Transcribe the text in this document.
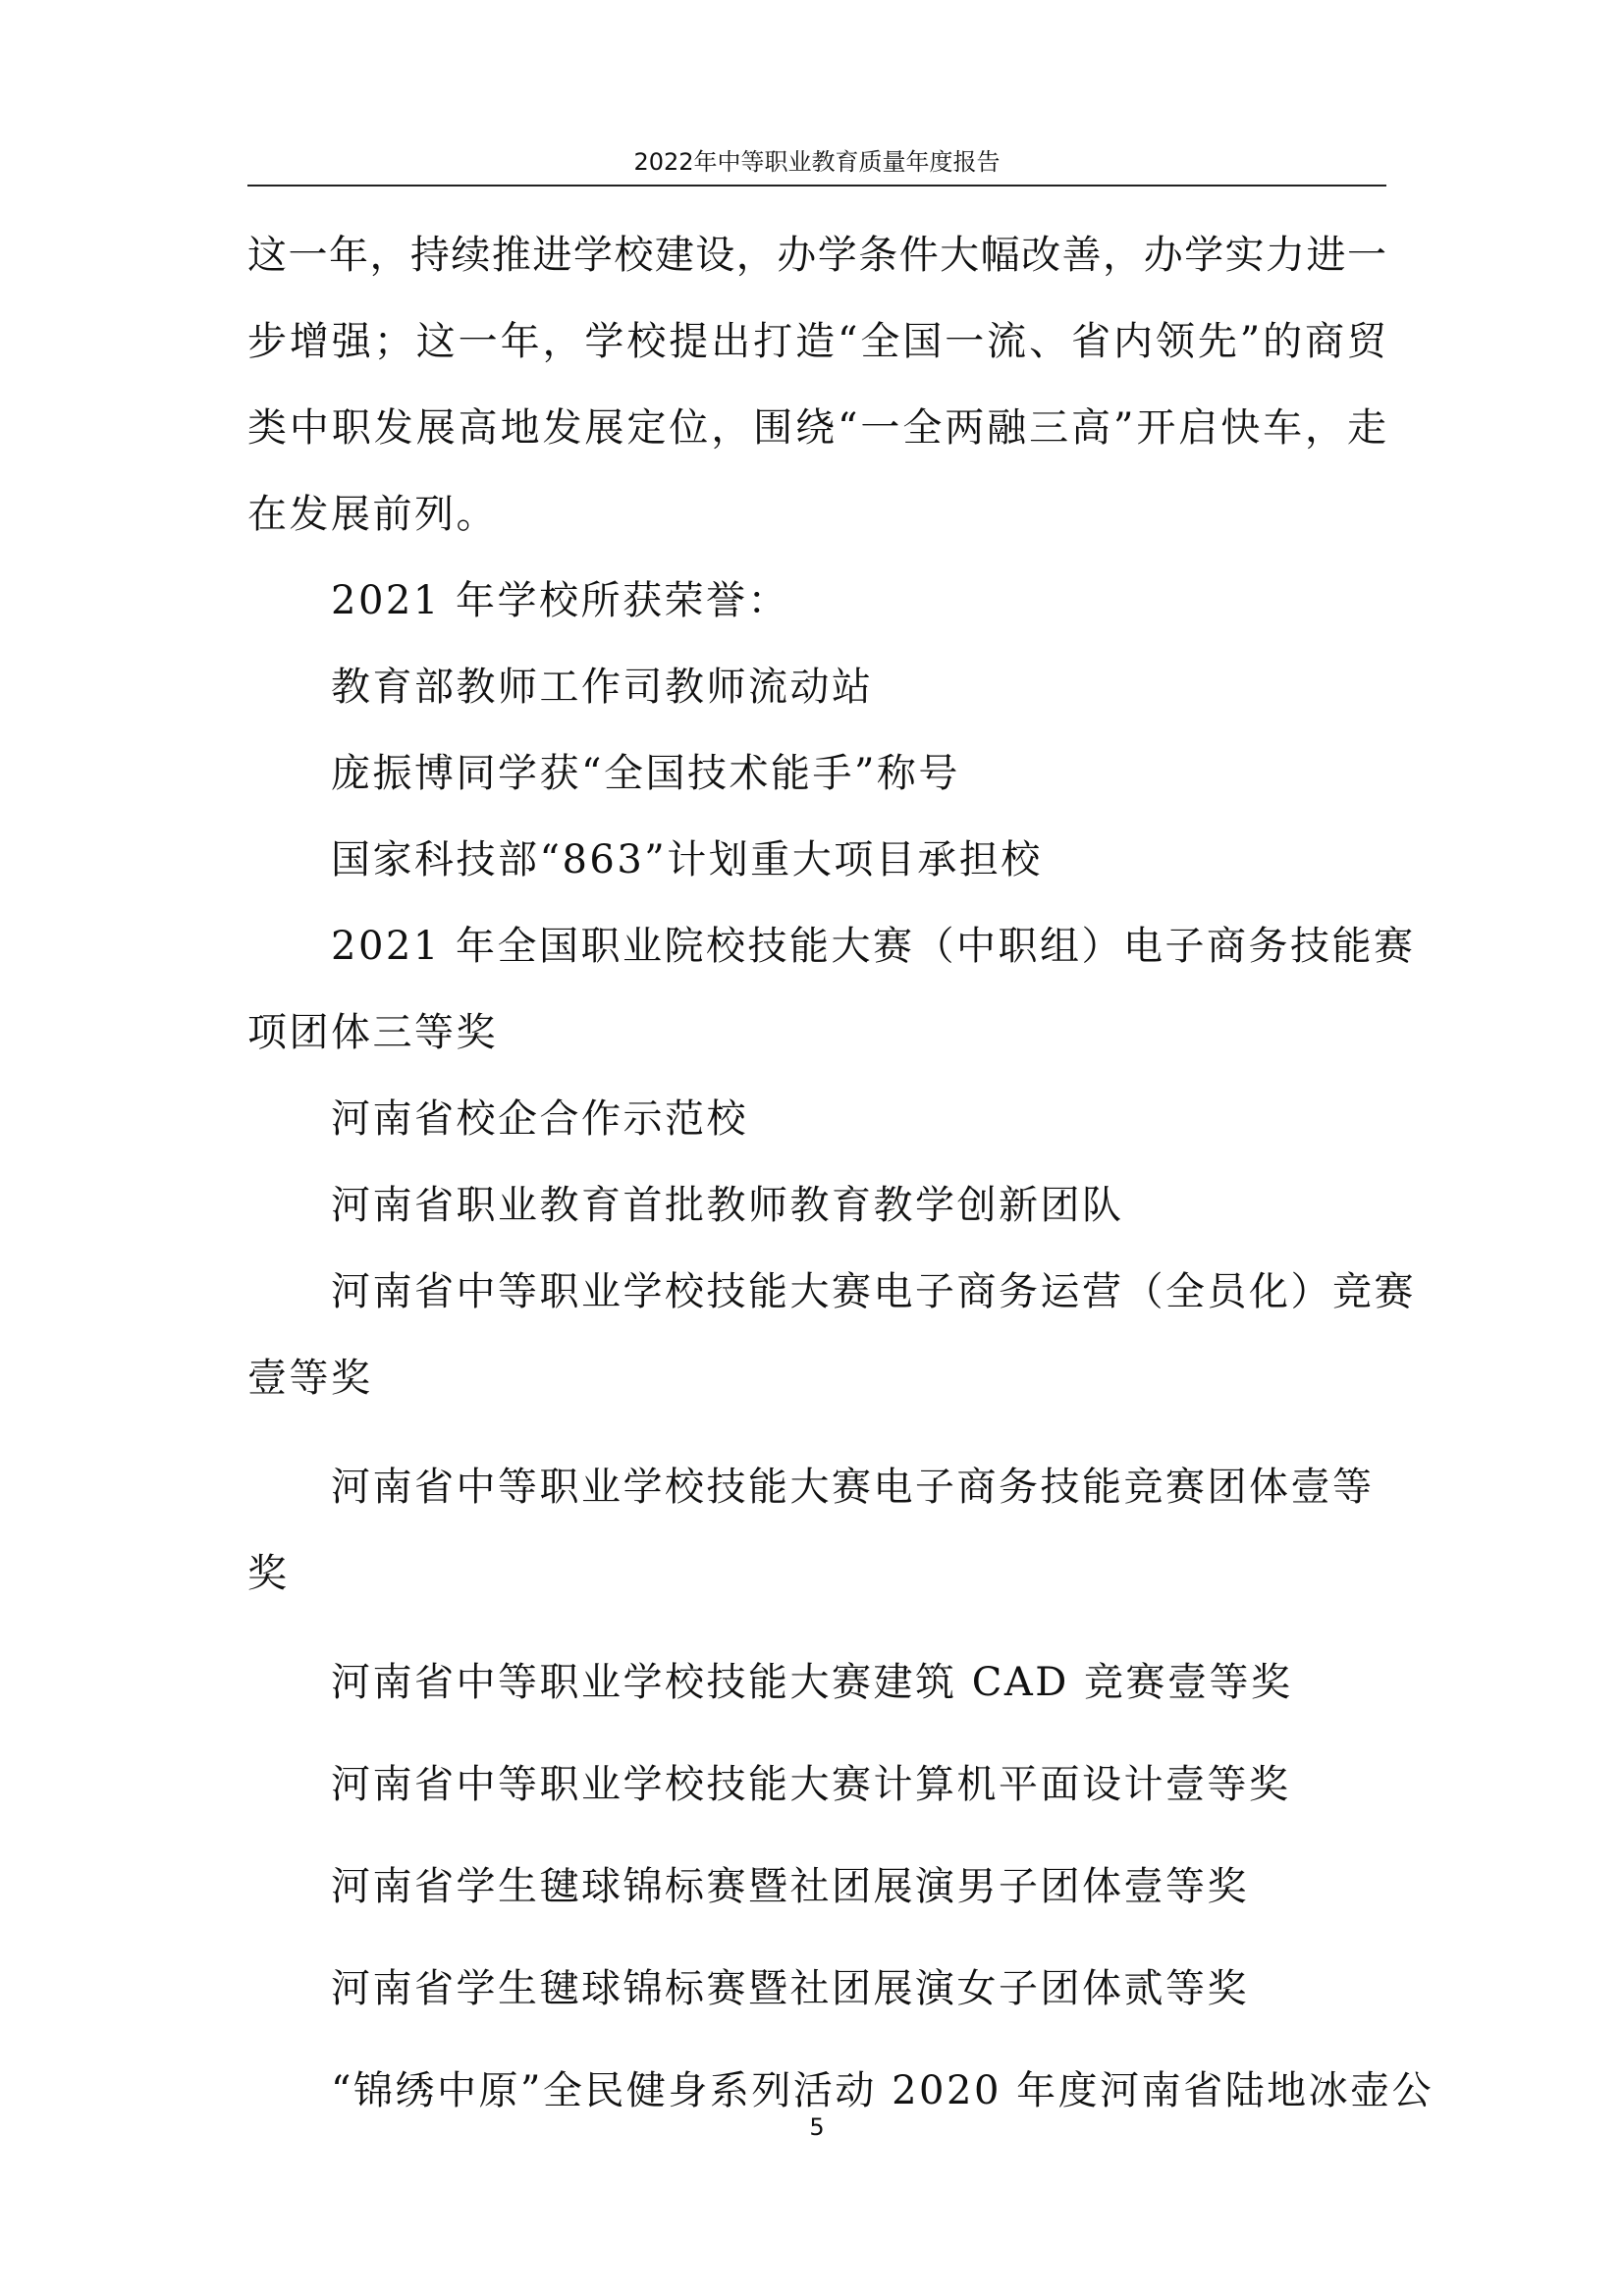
2022年中等职业教育质量年度报告
这一年，持续推进学校建设，办学条件大幅改善，办学实力进一
步增强；这一年，学校提出打造“全国一流、省内领先”的商贸
类中职发展高地发展定位，围绕“一全两融三高”开启快车，走
在发展前列。
2021 年学校所获荣誉：
教育部教师工作司教师流动站
庞振博同学获“全国技术能手”称号
国家科技部“863”计划重大项目承担校
2021 年全国职业院校技能大赛（中职组）电子商务技能赛
项团体三等奖
河南省校企合作示范校
河南省职业教育首批教师教育教学创新团队
河南省中等职业学校技能大赛电子商务运营（全员化）竞赛
壹等奖
河南省中等职业学校技能大赛电子商务技能竞赛团体壹等
奖
河南省中等职业学校技能大赛建筑 CAD 竞赛壹等奖
河南省中等职业学校技能大赛计算机平面设计壹等奖
河南省学生毽球锦标赛暨社团展演男子团体壹等奖
河南省学生毽球锦标赛暨社团展演女子团体贰等奖
“锦绣中原”全民健身系列活动 2020 年度河南省陆地冰壶公
5
